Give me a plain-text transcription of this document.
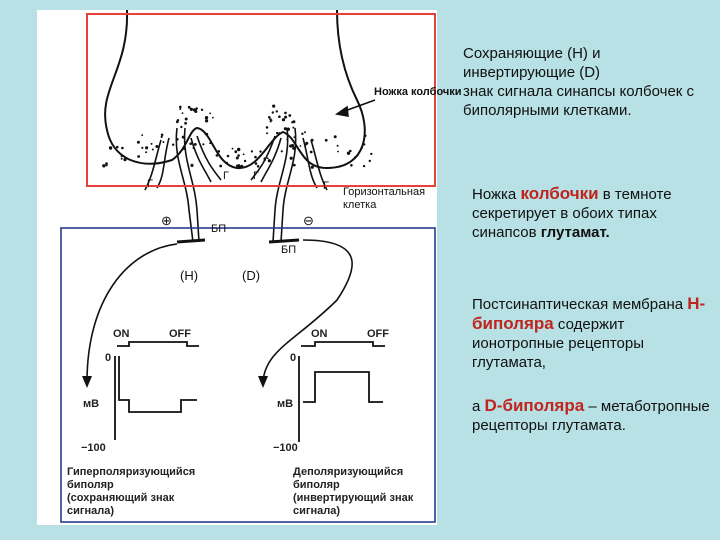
Ножка колбочки
Г
Г Г
Г
⊕	⊖
БП
БП
Горизонтальная клетка
(H)	(D)
ON	OFF
0
мВ
−100
Гиперполяризующийся
биполяр
(сохраняющий знак
сигнала)
ON	OFF
0
мВ
−100
Деполяризующийся
биполяр
(инвертирующий знак
сигнала)
Сохраняющие (Н) и
инвертирующие (D)
знак сигнала синапсы колбочек с биполярными клетками.
Ножка колбочки в темноте секретирует в обоих типах синапсов глутамат.
Постсинаптическая мембрана Н-биполяра содержит ионотропные рецепторы глутамата,
а D-биполяра – метаботропные рецепторы глутамата.
